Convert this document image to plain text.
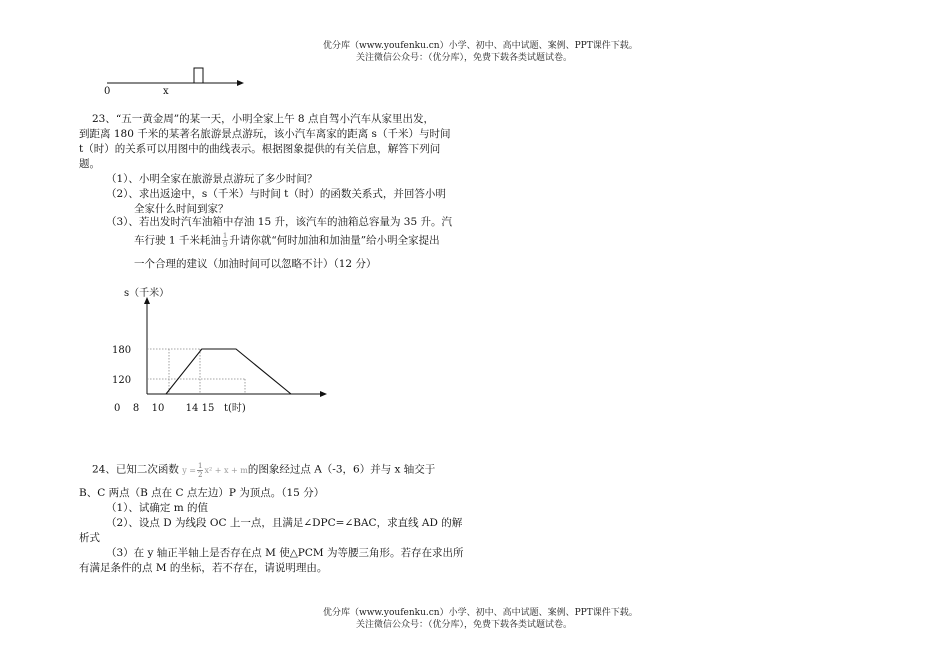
优分库（www.youfenku.cn）小学、初中、高中试题、案例、PPT课件下载。
关注微信公众号：（优分库），免费下载各类试题试卷。
0	x
23、“五一黄金周”的某一天，小明全家上午 8 点自驾小汽车从家里出发，
到距离 180 千米的某著名旅游景点游玩，该小汽车离家的距离 s（千米）与时间
t（时）的关系可以用图中的曲线表示。根据图象提供的有关信息，解答下列问
题。
（1）、小明全家在旅游景点游玩了多少时间？
（2）、求出返途中，s（千米）与时间 t（时）的函数关系式，并回答小明
全家什么时间到家？
（3）、若出发时汽车油箱中存油 15 升，该汽车的油箱总容量为 35 升。汽
车行驶 1 千米耗油 $\frac{1}{9}$ 升请你就“何时加油和加油量”给小明全家提出
一个合理的建议（加油时间可以忽略不计）（12 分）
s（千米）
180
120
0 8 10 14 15 t(时)
24、已知二次函数 $y = \frac{1}{2} x^2 + x + m$的图象经过点 A（-3，6）并与 x 轴交于
B、C 两点（B 点在 C 点左边）P 为顶点。（15 分）
（1）、试确定 m 的值
（2）、设点 D 为线段 OC 上一点，且满足∠DPC=∠BAC，求直线 AD 的解
析式
（3）在 y 轴正半轴上是否存在点 M 使△PCM 为等腰三角形。若存在求出所
有满足条件的点 M 的坐标，若不存在，请说明理由。
优分库（www.youfenku.cn）小学、初中、高中试题、案例、PPT课件下载。
关注微信公众号：（优分库），免费下载各类试题试卷。
